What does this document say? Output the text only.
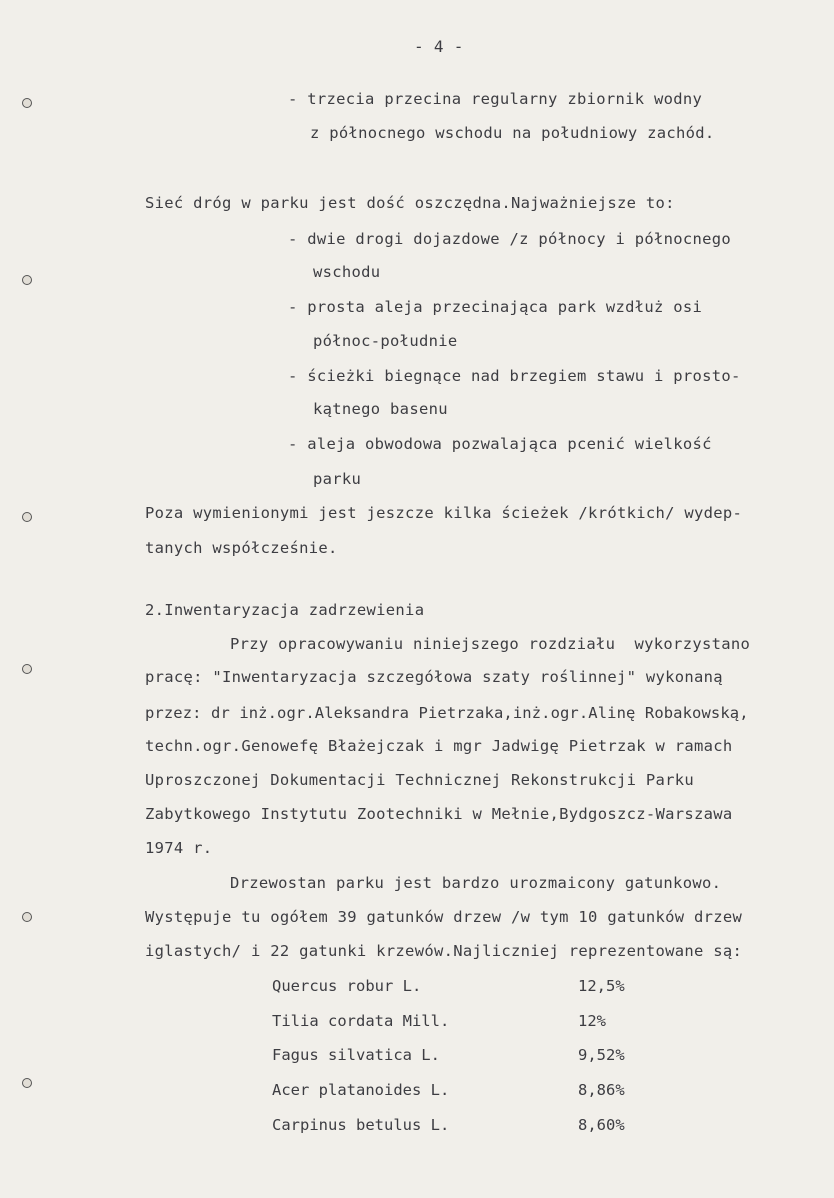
- 4 -
- trzecia przecina regularny zbiornik wodny
z północnego wschodu na południowy zachód.
Sieć dróg w parku jest dość oszczędna.Najważniejsze to:
- dwie drogi dojazdowe /z północy i północnego
wschodu
- prosta aleja przecinająca park wzdłuż osi
północ-południe
- ścieżki biegnące nad brzegiem stawu i prosto-
kątnego basenu
- aleja obwodowa pozwalająca pcenić wielkość
parku
Poza wymienionymi jest jeszcze kilka ścieżek /krótkich/ wydep-
tanych współcześnie.
2.Inwentaryzacja zadrzewienia
Przy opracowywaniu niniejszego rozdziału  wykorzystano
pracę: "Inwentaryzacja szczegółowa szaty roślinnej" wykonaną
przez: dr inż.ogr.Aleksandra Pietrzaka,inż.ogr.Alinę Robakowską,
techn.ogr.Genowefę Błażejczak i mgr Jadwigę Pietrzak w ramach
Uproszczonej Dokumentacji Technicznej Rekonstrukcji Parku
Zabytkowego Instytutu Zootechniki w Mełnie,Bydgoszcz-Warszawa
1974 r.
Drzewostan parku jest bardzo urozmaicony gatunkowo.
Występuje tu ogółem 39 gatunków drzew /w tym 10 gatunków drzew
iglastych/ i 22 gatunki krzewów.Najliczniej reprezentowane są:
Quercus robur L.	12,5%
Tilia cordata Mill.	12%
Fagus silvatica L.	9,52%
Acer platanoides L.	8,86%
Carpinus betulus L.	8,60%
